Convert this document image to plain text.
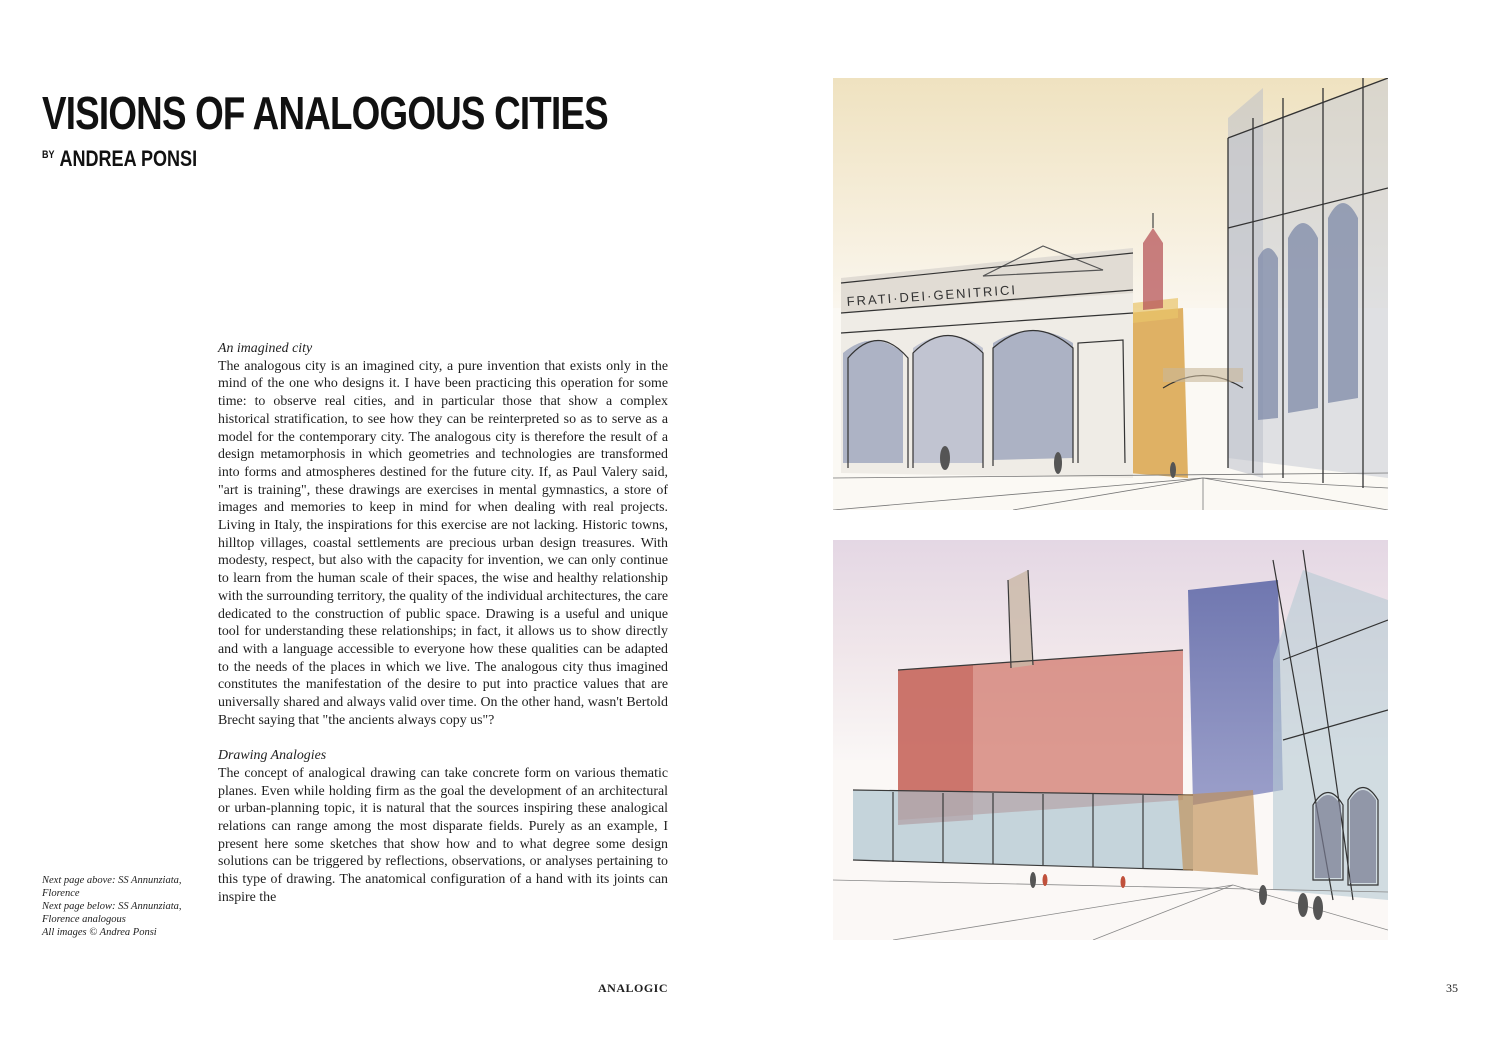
VISIONS OF ANALOGOUS CITIES
$^{BY}$ ANDREA PONSI

An imagined city

The analogous city is an imagined city, a pure invention that exists only in the mind of the one who designs it. I have been practicing this operation for some time: to observe real cities, and in particular those that show a complex historical stratification, to see how they can be reinterpreted so as to serve as a model for the contemporary city. The analogous city is therefore the result of a design metamorphosis in which geometries and technologies are transformed into forms and atmospheres destined for the future city. If, as Paul Valery said, "art is training", these drawings are exercises in mental gymnastics, a store of images and memories to keep in mind for when dealing with real projects. Living in Italy, the inspirations for this exercise are not lacking. Historic towns, hilltop villages, coastal settlements are precious urban design treasures. With modesty, respect, but also with the capacity for invention, we can only continue to learn from the human scale of their spaces, the wise and healthy relationship with the surrounding territory, the quality of the individual architectures, the care dedicated to the construction of public space. Drawing is a useful and unique tool for understanding these relationships; in fact, it allows us to show directly and with a language accessible to everyone how these qualities can be adapted to the needs of the places in which we live. The analogous city thus imagined constitutes the manifestation of the desire to put into practice values that are universally shared and always valid over time. On the other hand, wasn't Bertold Brecht saying that "the ancients always copy us"?

Drawing Analogies

The concept of analogical drawing can take concrete form on various thematic planes. Even while holding firm as the goal the development of an architectural or urban-planning topic, it is natural that the sources inspiring these analogical relations can range among the most disparate fields. Purely as an example, I present here some sketches that show how and to what degree some design solutions can be triggered by reflections, observations, or analyses pertaining to this type of drawing. The anatomical configuration of a hand with its joints can inspire the

Next page above: SS Annunziata, Florence
Next page below: SS Annunziata, Florence analogous
All images © Andrea Ponsi
FRATI·DEI·GENITRICI
ANALOGIC	35
